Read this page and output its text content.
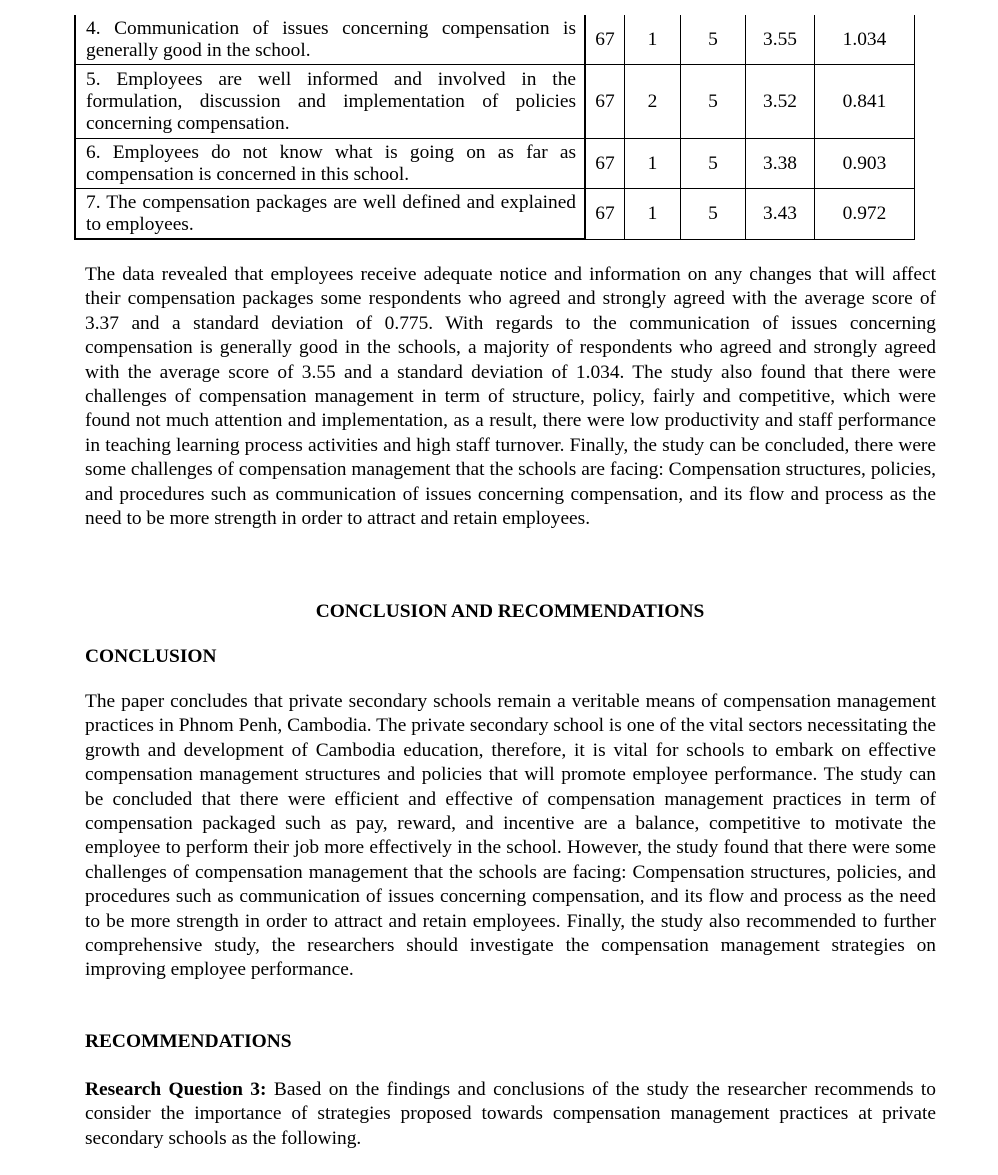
4. Communication of issues concerning compensation is generally good in the school.	67	1	5	3.55	1.034
5. Employees are well informed and involved in the formulation, discussion and implementation of policies concerning compensation.	67	2	5	3.52	0.841
6. Employees do not know what is going on as far as compensation is concerned in this school.	67	1	5	3.38	0.903
7. The compensation packages are well defined and explained to employees.	67	1	5	3.43	0.972

The data revealed that employees receive adequate notice and information on any changes that will affect their compensation packages some respondents who agreed and strongly agreed with the average score of 3.37 and a standard deviation of 0.775. With regards to the communication of issues concerning compensation is generally good in the schools, a majority of respondents who agreed and strongly agreed with the average score of 3.55 and a standard deviation of 1.034. The study also found that there were challenges of compensation management in term of structure, policy, fairly and competitive, which were found not much attention and implementation, as a result, there were low productivity and staff performance in teaching learning process activities and high staff turnover. Finally, the study can be concluded, there were some challenges of compensation management that the schools are facing: Compensation structures, policies, and procedures such as communication of issues concerning compensation, and its flow and process as the need to be more strength in order to attract and retain employees.

CONCLUSION AND RECOMMENDATIONS

CONCLUSION

The paper concludes that private secondary schools remain a veritable means of compensation management practices in Phnom Penh, Cambodia. The private secondary school is one of the vital sectors necessitating the growth and development of Cambodia education, therefore, it is vital for schools to embark on effective compensation management structures and policies that will promote employee performance. The study can be concluded that there were efficient and effective of compensation management practices in term of compensation packaged such as pay, reward, and incentive are a balance, competitive to motivate the employee to perform their job more effectively in the school. However, the study found that there were some challenges of compensation management that the schools are facing: Compensation structures, policies, and procedures such as communication of issues concerning compensation, and its flow and process as the need to be more strength in order to attract and retain employees. Finally, the study also recommended to further comprehensive study, the researchers should investigate the compensation management strategies on improving employee performance.

RECOMMENDATIONS

Research Question 3: Based on the findings and conclusions of the study the researcher recommends to consider the importance of strategies proposed towards compensation management practices at private secondary schools as the following.
